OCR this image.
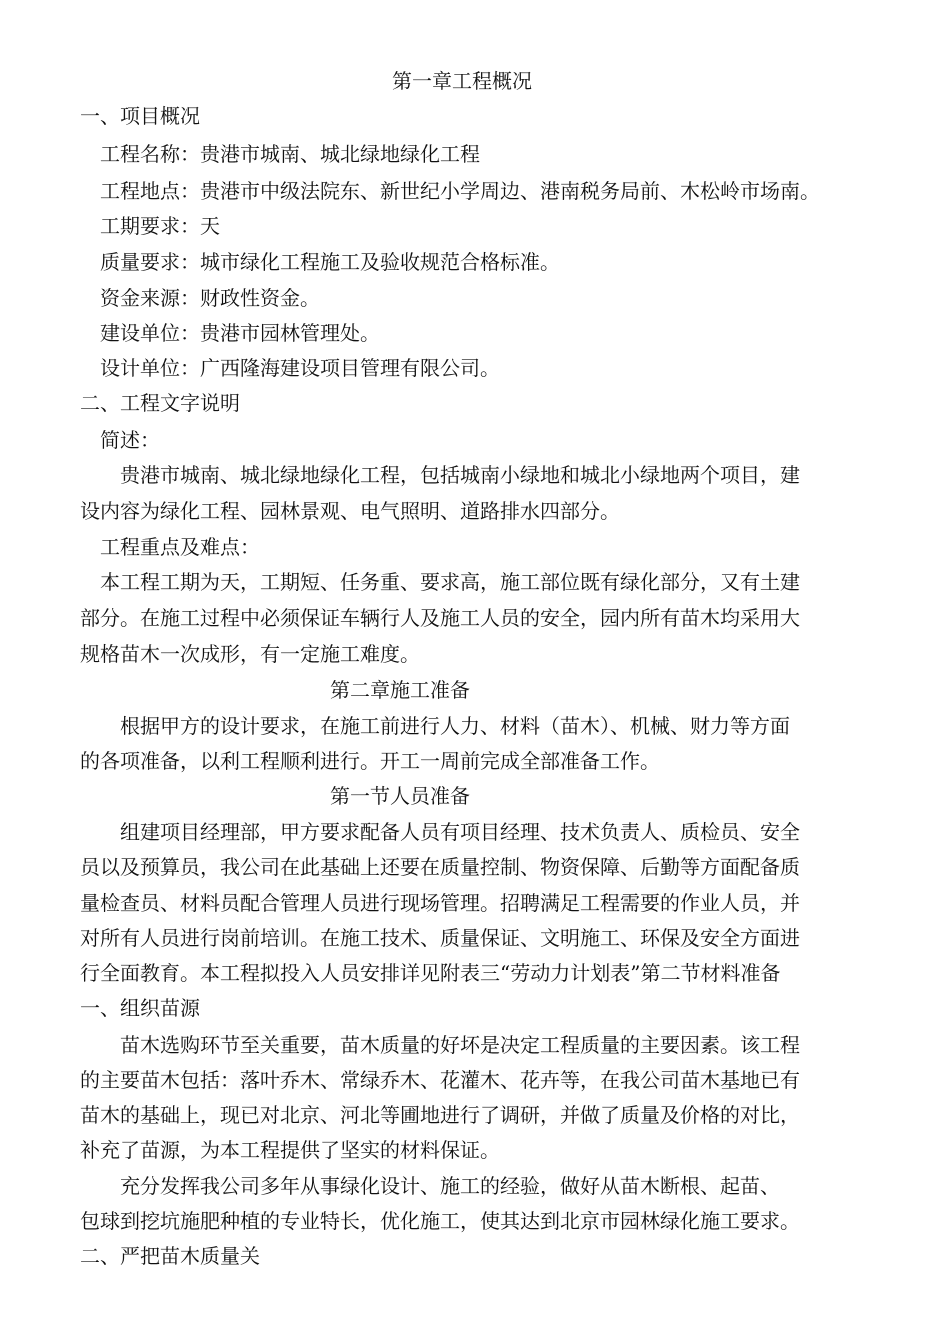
第一章工程概况
一、项目概况
工程名称：贵港市城南、城北绿地绿化工程
工程地点：贵港市中级法院东、新世纪小学周边、港南税务局前、木松岭市场南。
工期要求：天
质量要求：城市绿化工程施工及验收规范合格标准。
资金来源：财政性资金。
建设单位：贵港市园林管理处。
设计单位：广西隆海建设项目管理有限公司。
二、工程文字说明
简述：
贵港市城南、城北绿地绿化工程，包括城南小绿地和城北小绿地两个项目，建
设内容为绿化工程、园林景观、电气照明、道路排水四部分。
工程重点及难点：
本工程工期为天，工期短、任务重、要求高，施工部位既有绿化部分，又有土建
部分。在施工过程中必须保证车辆行人及施工人员的安全，园内所有苗木均采用大
规格苗木一次成形，有一定施工难度。
第二章施工准备
根据甲方的设计要求，在施工前进行人力、材料（苗木）、机械、财力等方面
的各项准备，以利工程顺利进行。开工一周前完成全部准备工作。
第一节人员准备
组建项目经理部，甲方要求配备人员有项目经理、技术负责人、质检员、安全
员以及预算员，我公司在此基础上还要在质量控制、物资保障、后勤等方面配备质
量检查员、材料员配合管理人员进行现场管理。招聘满足工程需要的作业人员，并
对所有人员进行岗前培训。在施工技术、质量保证、文明施工、环保及安全方面进
行全面教育。本工程拟投入人员安排详见附表三“劳动力计划表”第二节材料准备
一、组织苗源
苗木选购环节至关重要，苗木质量的好坏是决定工程质量的主要因素。该工程
的主要苗木包括：落叶乔木、常绿乔木、花灌木、花卉等，在我公司苗木基地已有
苗木的基础上，现已对北京、河北等圃地进行了调研，并做了质量及价格的对比，
补充了苗源，为本工程提供了坚实的材料保证。
充分发挥我公司多年从事绿化设计、施工的经验，做好从苗木断根、起苗、
包球到挖坑施肥种植的专业特长，优化施工，使其达到北京市园林绿化施工要求。
二、严把苗木质量关
